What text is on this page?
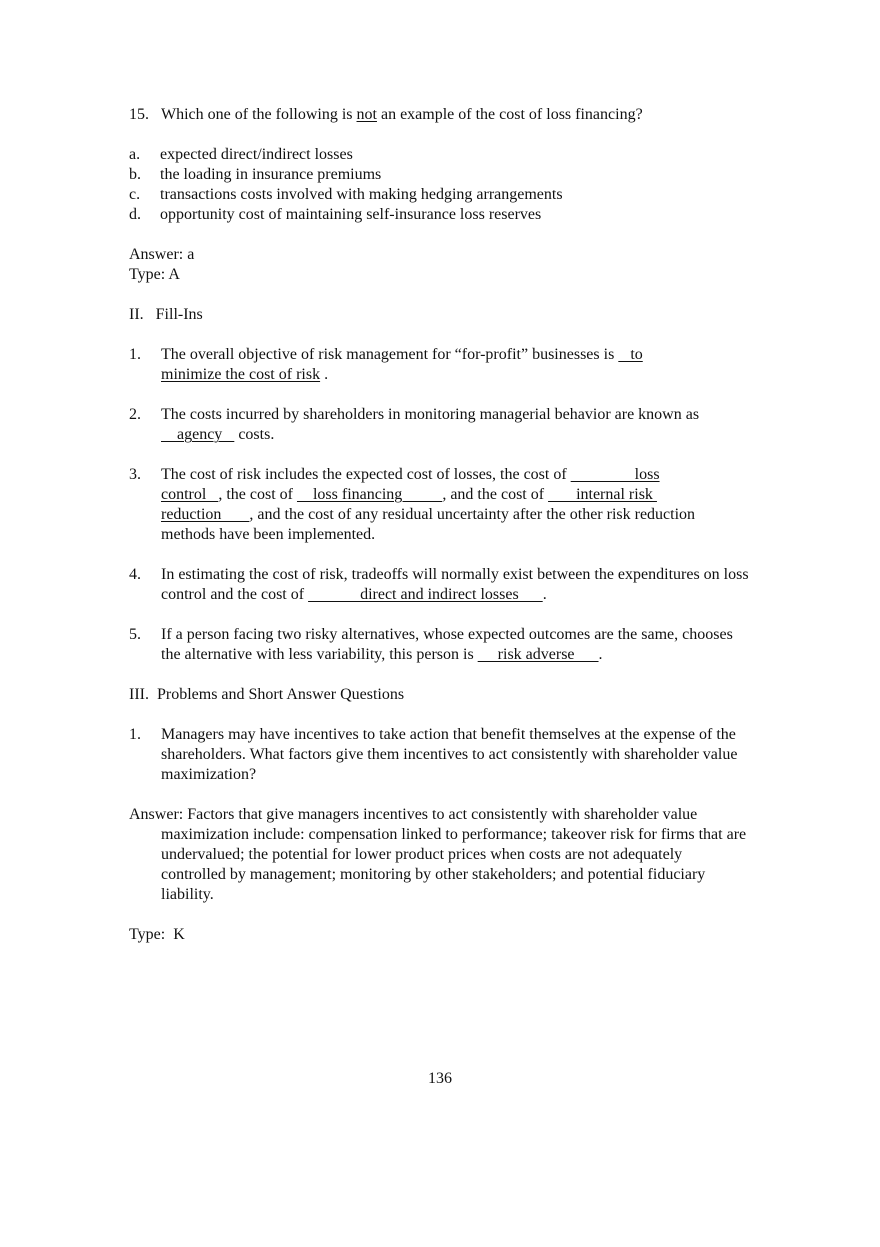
15. Which one of the following is not an example of the cost of loss financing?
a. expected direct/indirect losses
b. the loading in insurance premiums
c. transactions costs involved with making hedging arrangements
d. opportunity cost of maintaining self-insurance loss reserves
Answer: a
Type: A
II.   Fill-Ins
1. The overall objective of risk management for “for-profit” businesses is    to
minimize the cost of risk .
2. The costs incurred by shareholders in monitoring managerial behavior are known as
agency    costs.
3. The cost of risk includes the expected cost of losses, the cost of                 loss
control   , the cost of     loss financing          , and the cost of        internal risk
reduction       , and the cost of any residual uncertainty after the other risk reduction methods have been implemented.
4. In estimating the cost of risk, tradeoffs will normally exist between the expenditures on loss control and the cost of              direct and indirect losses      .
5. If a person facing two risky alternatives, whose expected outcomes are the same, chooses the alternative with less variability, this person is      risk adverse      .
III.  Problems and Short Answer Questions
1. Managers may have incentives to take action that benefit themselves at the expense of the shareholders. What factors give them incentives to act consistently with shareholder value maximization?
Answer: Factors that give managers incentives to act consistently with shareholder value maximization include: compensation linked to performance; takeover risk for firms that are undervalued; the potential for lower product prices when costs are not adequately controlled by management; monitoring by other stakeholders; and potential fiduciary liability.
Type:  K
136
